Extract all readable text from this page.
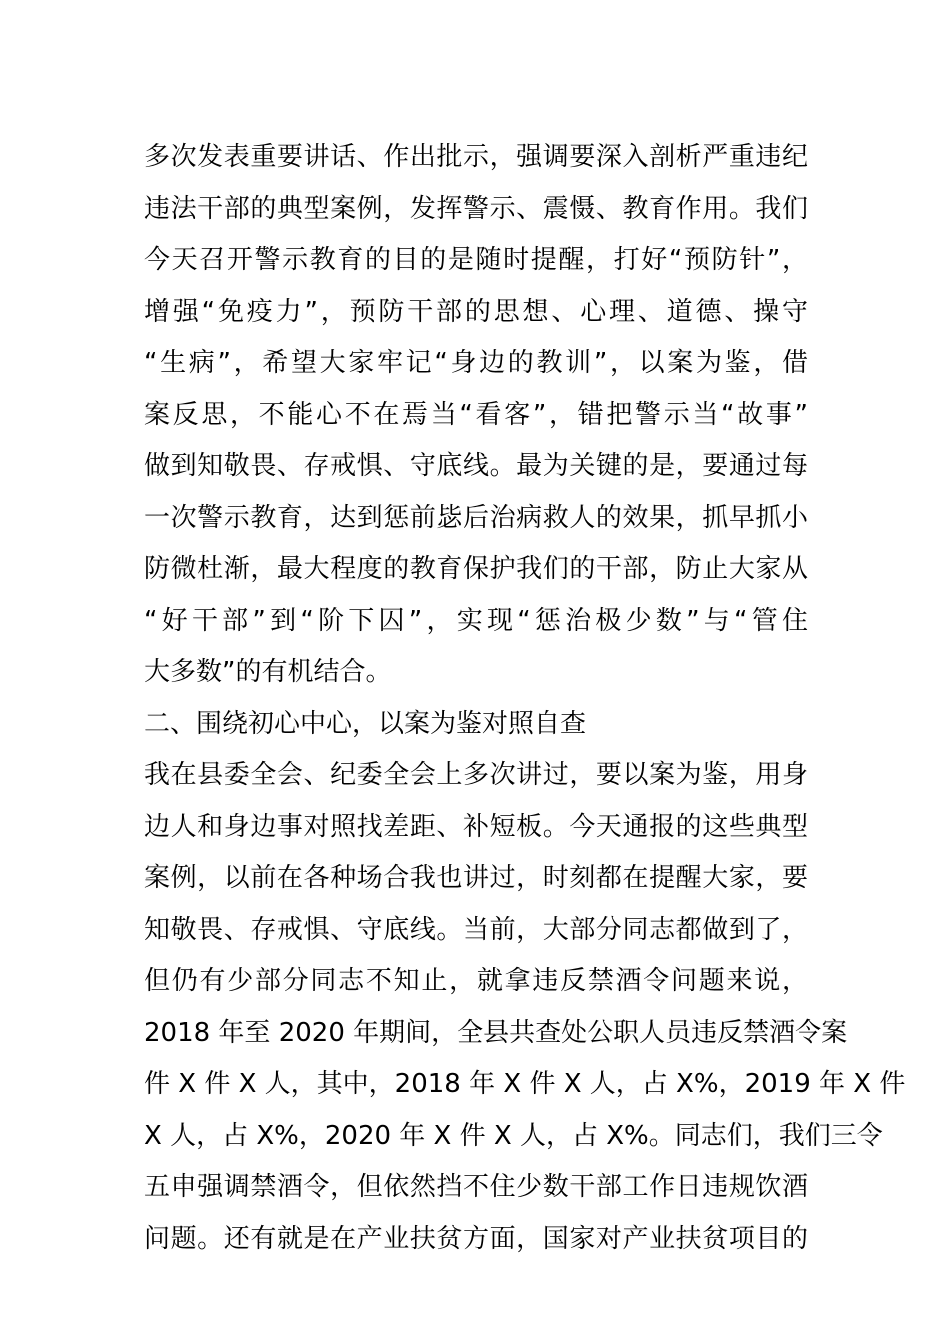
多次发表重要讲话、作出批示，强调要深入剖析严重违纪
违法干部的典型案例，发挥警示、震慑、教育作用。我们
今天召开警示教育的目的是随时提醒，打好“预防针”，
增强“免疫力”，预防干部的思想、心理、道德、操守
“生病”，希望大家牢记“身边的教训”，以案为鉴，借
案反思，不能心不在焉当“看客”，错把警示当“故事”
做到知敬畏、存戒惧、守底线。最为关键的是，要通过每
一次警示教育，达到惩前毖后治病救人的效果，抓早抓小
防微杜渐，最大程度的教育保护我们的干部，防止大家从
“好干部”到“阶下囚”，实现“惩治极少数”与“管住
大多数”的有机结合。
二、围绕初心中心，以案为鉴对照自查
我在县委全会、纪委全会上多次讲过，要以案为鉴，用身
边人和身边事对照找差距、补短板。今天通报的这些典型
案例，以前在各种场合我也讲过，时刻都在提醒大家，要
知敬畏、存戒惧、守底线。当前，大部分同志都做到了，
但仍有少部分同志不知止，就拿违反禁酒令问题来说，
2018 年至 2020 年期间，全县共查处公职人员违反禁酒令案
件 X 件 X 人，其中，2018 年 X 件 X 人，占 X%，2019 年 X 件
X 人，占 X%，2020 年 X 件 X 人，占 X%。同志们，我们三令
五申强调禁酒令，但依然挡不住少数干部工作日违规饮酒
问题。还有就是在产业扶贫方面，国家对产业扶贫项目的
